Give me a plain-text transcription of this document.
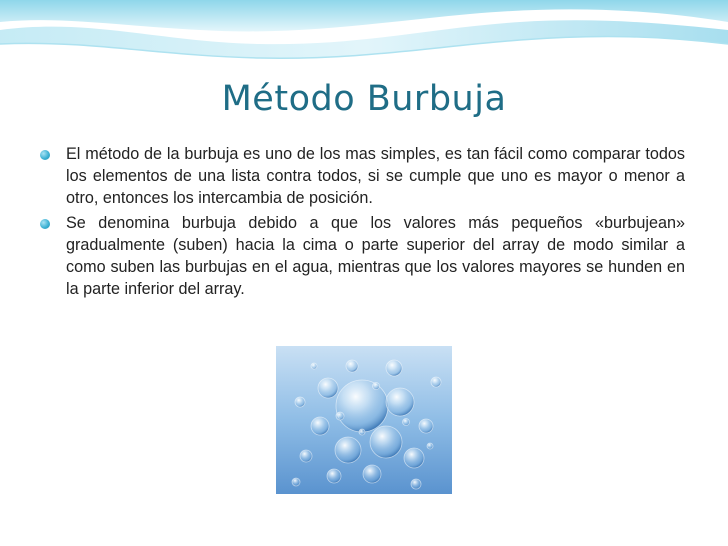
Método Burbuja
El método de la burbuja es uno de los mas simples, es tan fácil como comparar todos los elementos de una lista contra todos, si se cumple que uno es mayor o menor a otro, entonces los intercambia de posición.
Se denomina burbuja debido a que los valores más pequeños «burbujean» gradualmente (suben) hacia la cima o parte superior del array de modo similar a como suben las burbujas en el agua, mientras que los valores mayores se hunden en la parte inferior del array.
